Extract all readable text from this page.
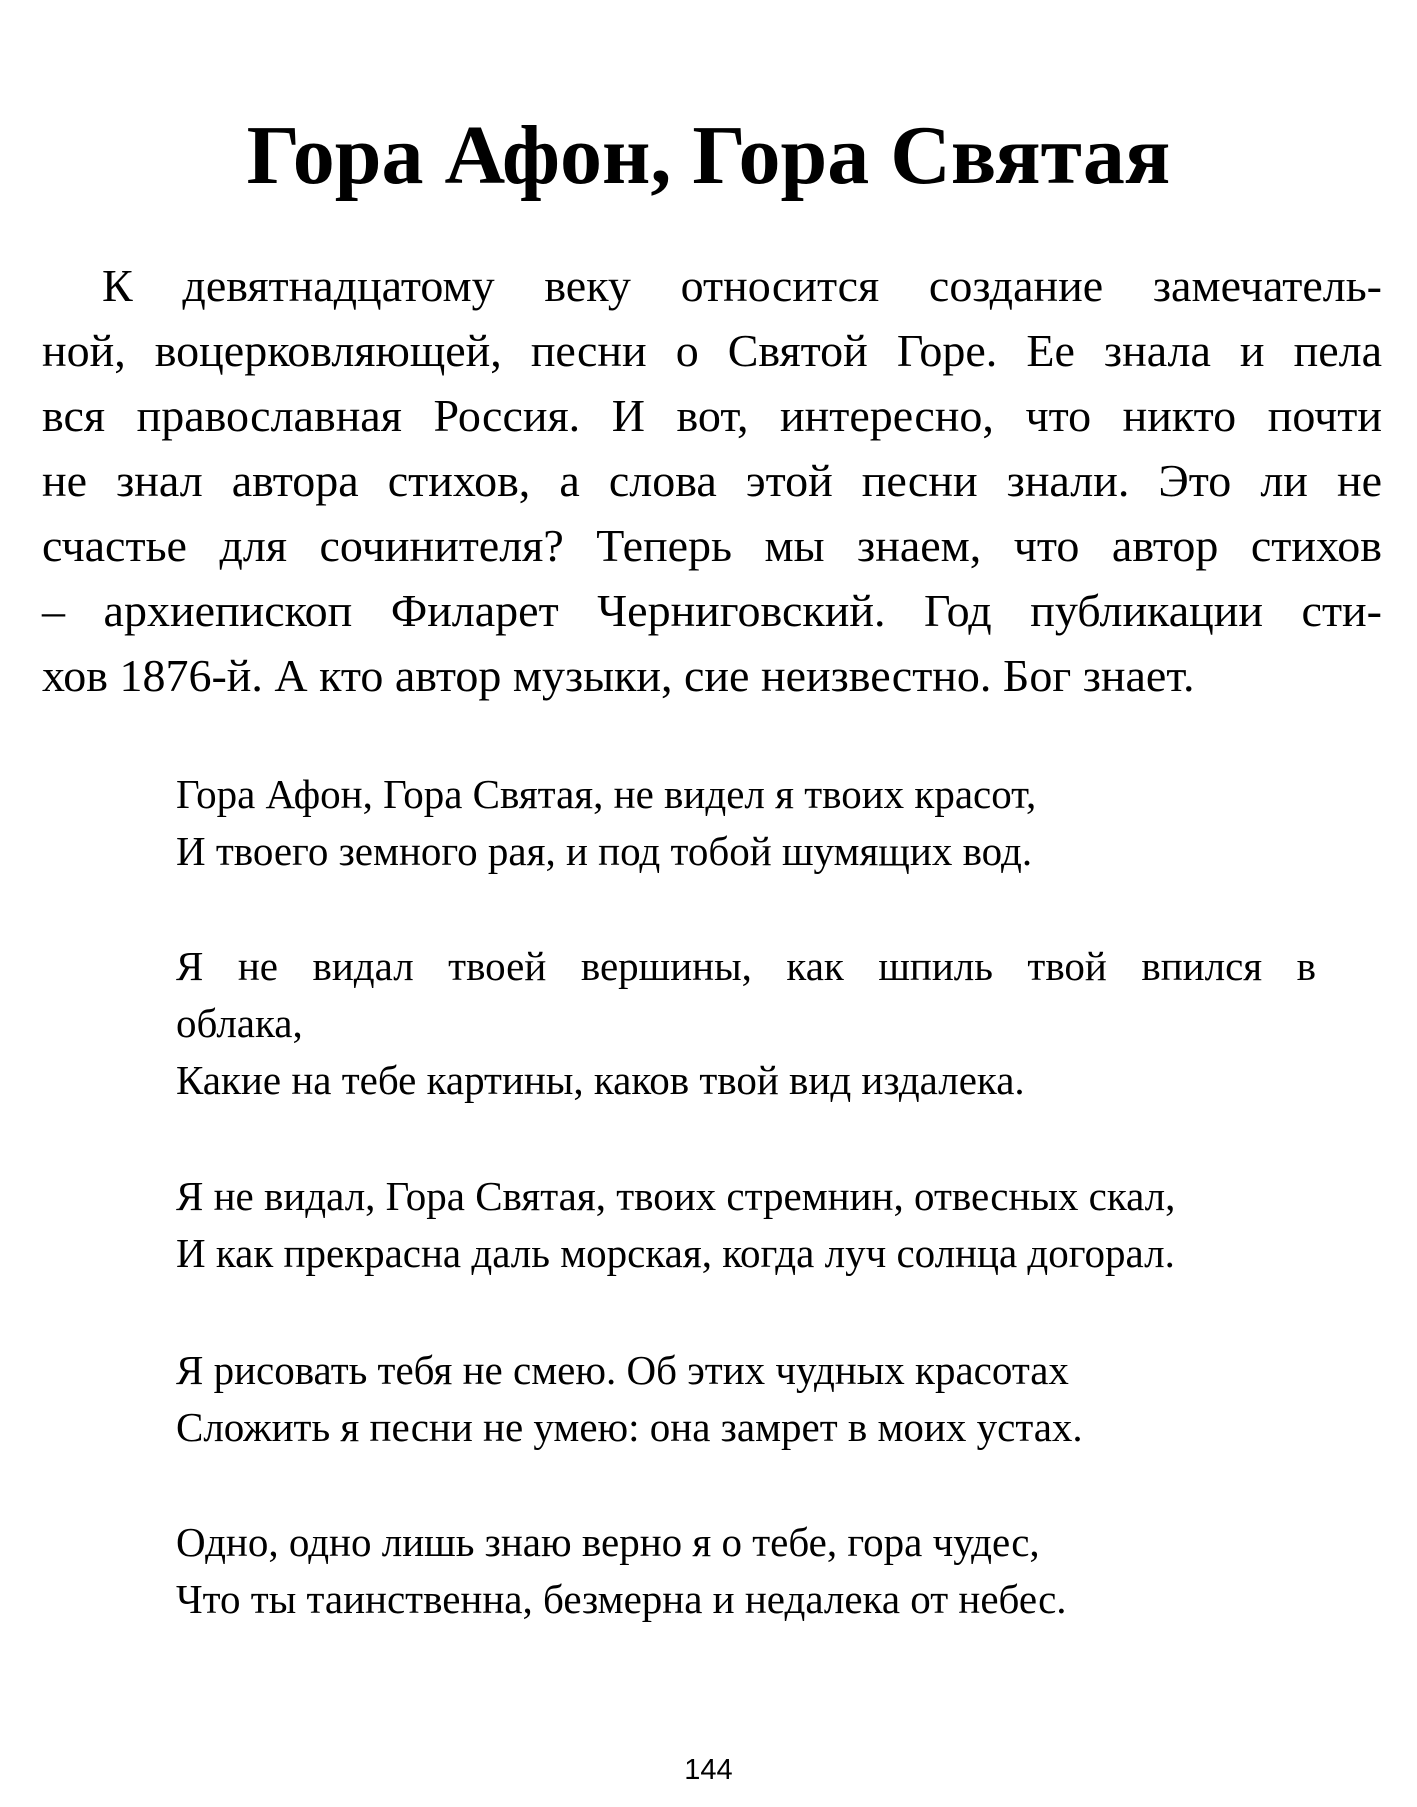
Гора Афон, Гора Святая
К девятнадцатому веку относится создание замечатель-
ной, воцерковляющей, песни о Святой Горе. Ее знала и пела
вся православная Россия. И вот, интересно, что никто почти
не знал автора стихов, а слова этой песни знали. Это ли не
счастье для сочинителя? Теперь мы знаем, что автор стихов
– архиепископ Филарет Черниговский. Год публикации сти-
хов 1876-й. А кто автор музыки, сие неизвестно. Бог знает.
Гора Афон, Гора Святая, не видел я твоих красот,
И твоего земного рая, и под тобой шумящих вод.
Я не видал твоей вершины, как шпиль твой впился в
облака,
Какие на тебе картины, каков твой вид издалека.
Я не видал, Гора Святая, твоих стремнин, отвесных скал,
И как прекрасна даль морская, когда луч солнца догорал.
Я рисовать тебя не смею. Об этих чудных красотах
Сложить я песни не умею: она замрет в моих устах.
Одно, одно лишь знаю верно я о тебе, гора чудес,
Что ты таинственна, безмерна и недалека от небес.
144
